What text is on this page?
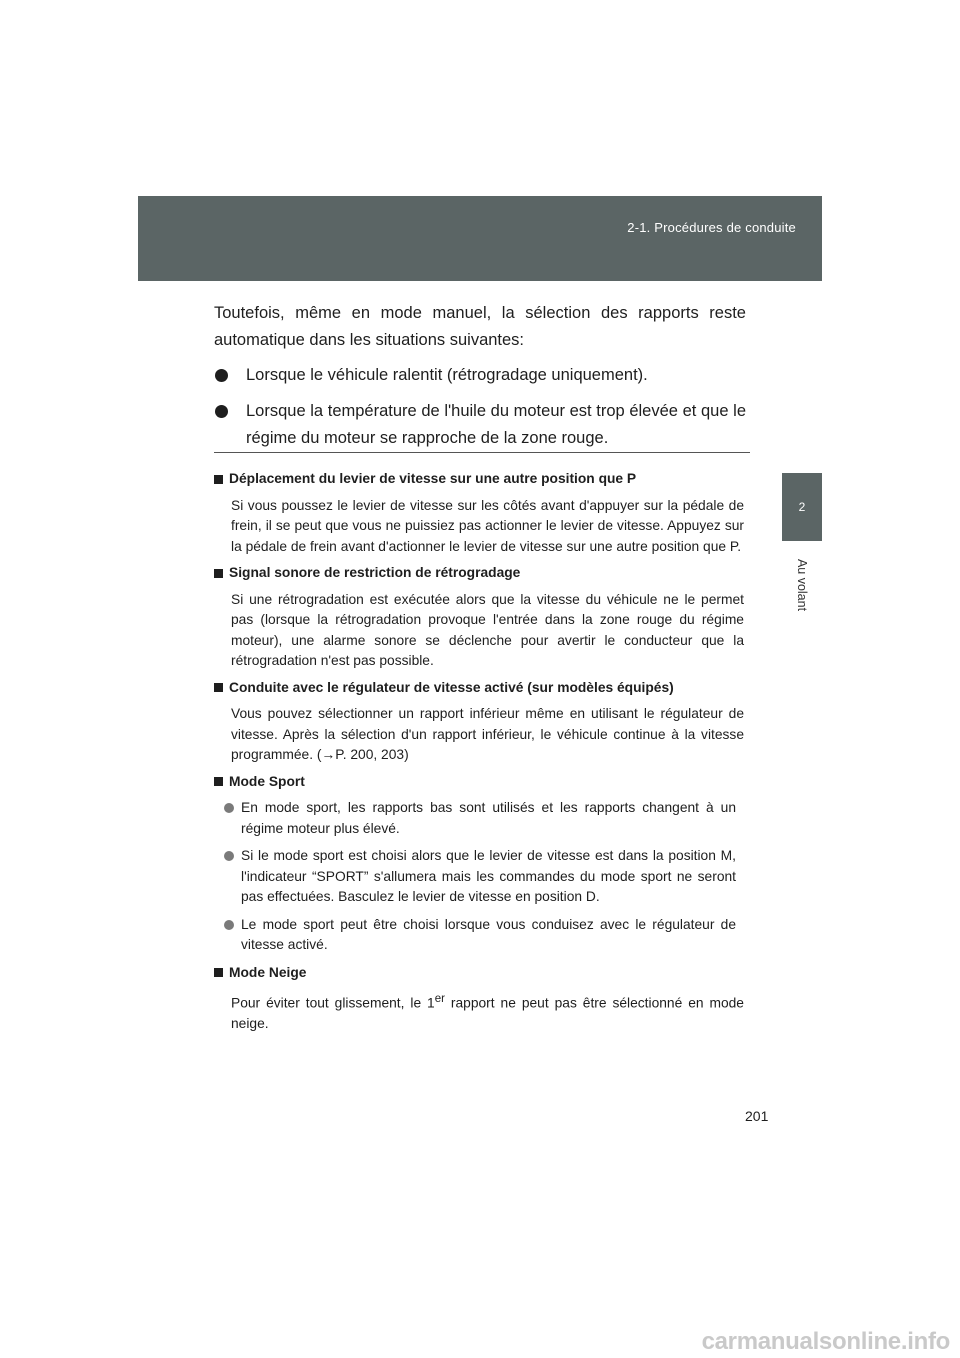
2-1. Procédures de conduite
2
Au volant

Toutefois, même en mode manuel, la sélection des rapports reste automatique dans les situations suivantes:

Lorsque le véhicule ralentit (rétrogradage uniquement).
Lorsque la température de l'huile du moteur est trop élevée et que le régime du moteur se rapproche de la zone rouge.
Déplacement du levier de vitesse sur une autre position que P

Si vous poussez le levier de vitesse sur les côtés avant d'appuyer sur la pédale de frein, il se peut que vous ne puissiez pas actionner le levier de vitesse. Appuyez sur la pédale de frein avant d'actionner le levier de vitesse sur une autre position que P.

Signal sonore de restriction de rétrogradage

Si une rétrogradation est exécutée alors que la vitesse du véhicule ne le permet pas (lorsque la rétrogradation provoque l'entrée dans la zone rouge du régime moteur), une alarme sonore se déclenche pour avertir le conducteur que la rétrogradation n'est pas possible.

Conduite avec le régulateur de vitesse activé (sur modèles équipés)

Vous pouvez sélectionner un rapport inférieur même en utilisant le régulateur de vitesse. Après la sélection d'un rapport inférieur, le véhicule continue à la vitesse programmée. (→P. 200, 203)

Mode Sport
En mode sport, les rapports bas sont utilisés et les rapports changent à un régime moteur plus élevé.
Si le mode sport est choisi alors que le levier de vitesse est dans la position M, l'indicateur “SPORT” s'allumera mais les commandes du mode sport ne seront pas effectuées. Basculez le levier de vitesse en position D.
Le mode sport peut être choisi lorsque vous conduisez avec le régulateur de vitesse activé.
Mode Neige

Pour éviter tout glissement, le 1er rapport ne peut pas être sélectionné en mode neige.

201
carmanualsonline.info
